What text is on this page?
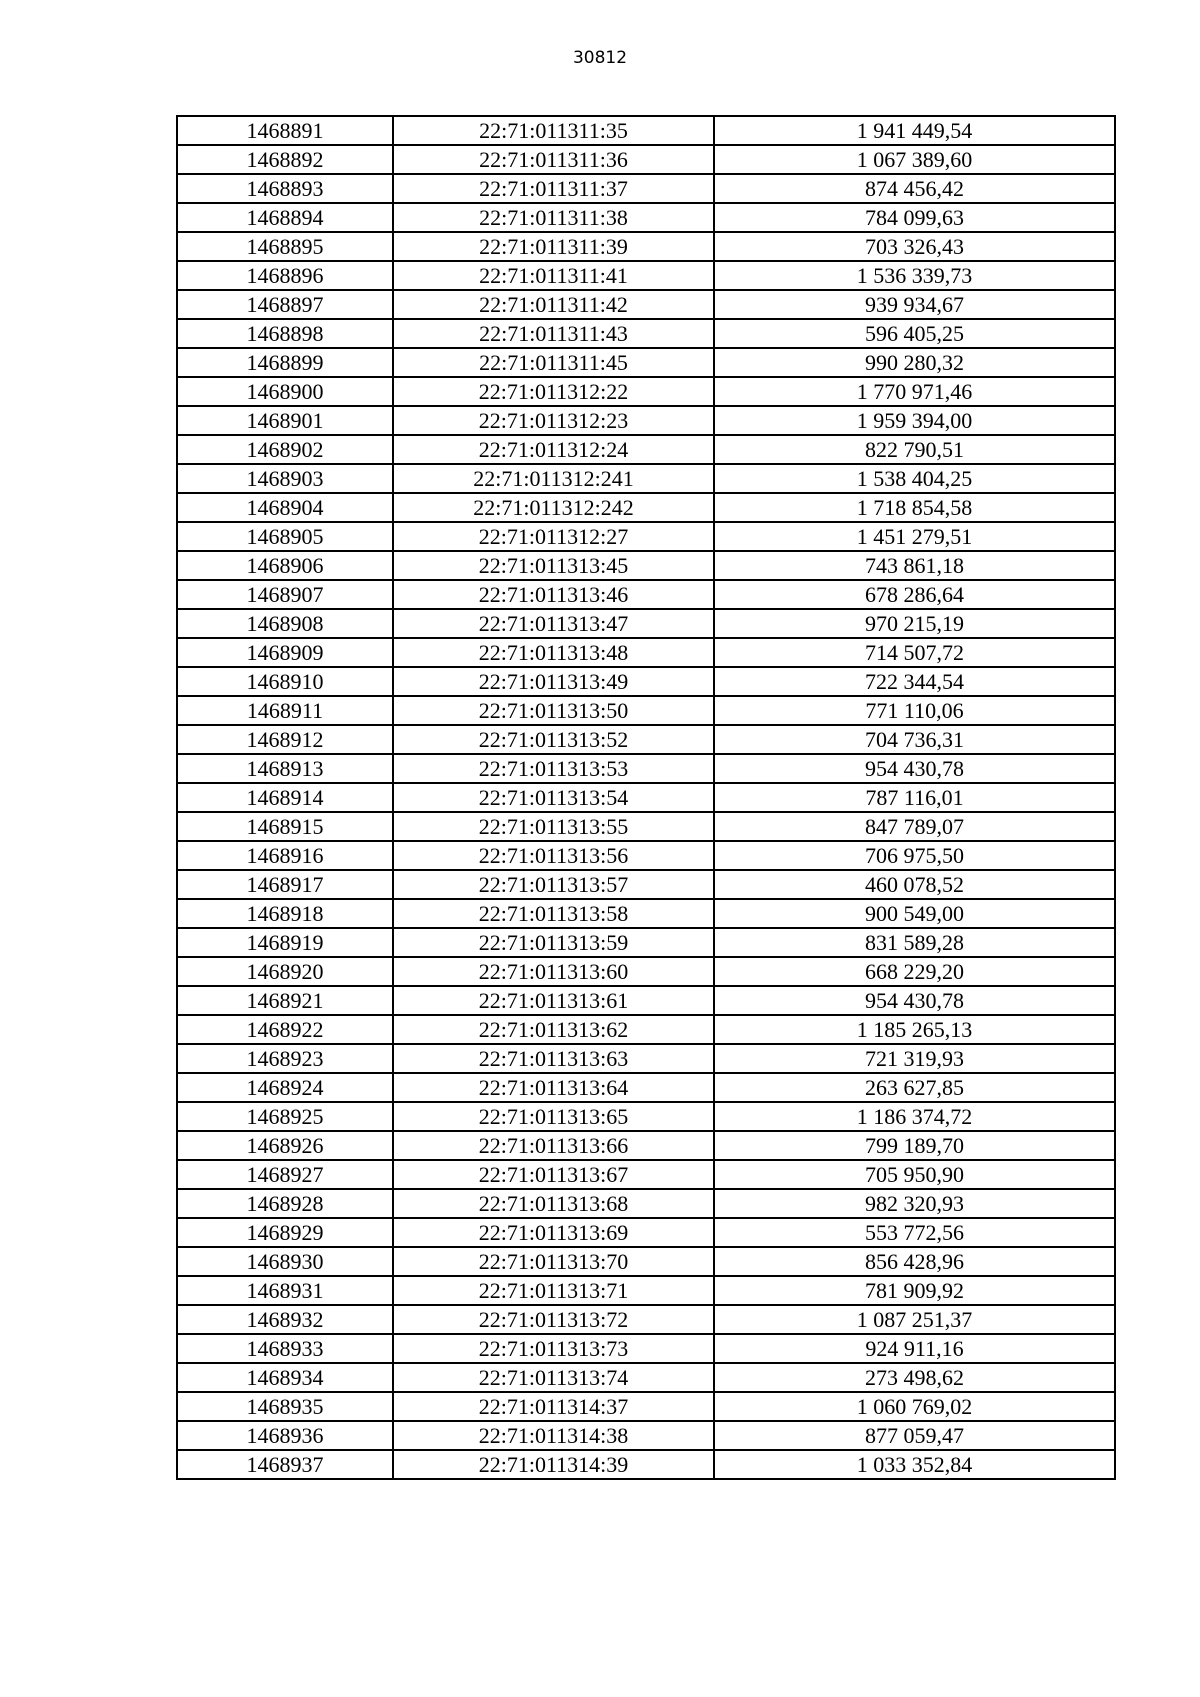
30812
1468891	22:71:011311:35	1 941 449,54
1468892	22:71:011311:36	1 067 389,60
1468893	22:71:011311:37	874 456,42
1468894	22:71:011311:38	784 099,63
1468895	22:71:011311:39	703 326,43
1468896	22:71:011311:41	1 536 339,73
1468897	22:71:011311:42	939 934,67
1468898	22:71:011311:43	596 405,25
1468899	22:71:011311:45	990 280,32
1468900	22:71:011312:22	1 770 971,46
1468901	22:71:011312:23	1 959 394,00
1468902	22:71:011312:24	822 790,51
1468903	22:71:011312:241	1 538 404,25
1468904	22:71:011312:242	1 718 854,58
1468905	22:71:011312:27	1 451 279,51
1468906	22:71:011313:45	743 861,18
1468907	22:71:011313:46	678 286,64
1468908	22:71:011313:47	970 215,19
1468909	22:71:011313:48	714 507,72
1468910	22:71:011313:49	722 344,54
1468911	22:71:011313:50	771 110,06
1468912	22:71:011313:52	704 736,31
1468913	22:71:011313:53	954 430,78
1468914	22:71:011313:54	787 116,01
1468915	22:71:011313:55	847 789,07
1468916	22:71:011313:56	706 975,50
1468917	22:71:011313:57	460 078,52
1468918	22:71:011313:58	900 549,00
1468919	22:71:011313:59	831 589,28
1468920	22:71:011313:60	668 229,20
1468921	22:71:011313:61	954 430,78
1468922	22:71:011313:62	1 185 265,13
1468923	22:71:011313:63	721 319,93
1468924	22:71:011313:64	263 627,85
1468925	22:71:011313:65	1 186 374,72
1468926	22:71:011313:66	799 189,70
1468927	22:71:011313:67	705 950,90
1468928	22:71:011313:68	982 320,93
1468929	22:71:011313:69	553 772,56
1468930	22:71:011313:70	856 428,96
1468931	22:71:011313:71	781 909,92
1468932	22:71:011313:72	1 087 251,37
1468933	22:71:011313:73	924 911,16
1468934	22:71:011313:74	273 498,62
1468935	22:71:011314:37	1 060 769,02
1468936	22:71:011314:38	877 059,47
1468937	22:71:011314:39	1 033 352,84
